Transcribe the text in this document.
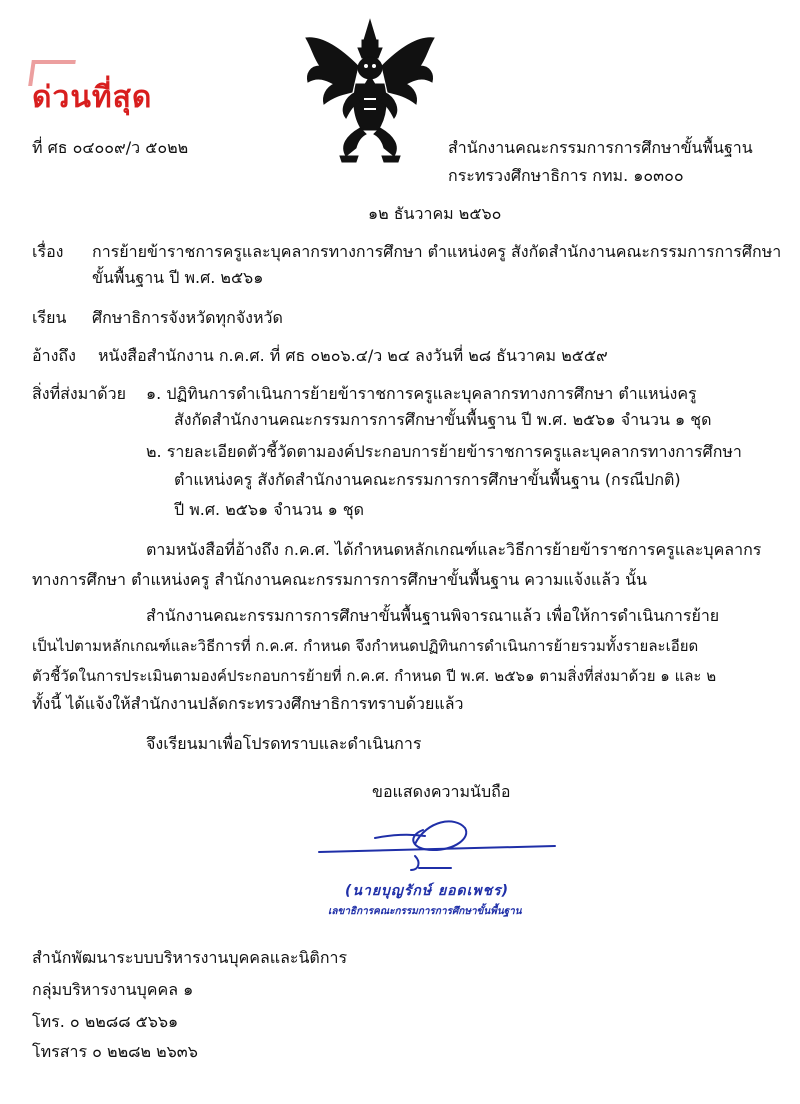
ด่วนที่สุด
ที่ ศธ ๐๔๐๐๙/ว ๕๐๒๒	สำนักงานคณะกรรมการการศึกษาขั้นพื้นฐาน
กระทรวงศึกษาธิการ กทม. ๑๐๓๐๐
๑๒ ธันวาคม ๒๕๖๐
เรื่อง การย้ายข้าราชการครูและบุคลากรทางการศึกษา ตำแหน่งครู สังกัดสำนักงานคณะกรรมการการศึกษา
ขั้นพื้นฐาน ปี พ.ศ. ๒๕๖๑
เรียน ศึกษาธิการจังหวัดทุกจังหวัด
อ้างถึง หนังสือสำนักงาน ก.ค.ศ. ที่ ศธ ๐๒๐๖.๔/ว ๒๔ ลงวันที่ ๒๘ ธันวาคม ๒๕๕๙
สิ่งที่ส่งมาด้วย ๑. ปฏิทินการดำเนินการย้ายข้าราชการครูและบุคลากรทางการศึกษา ตำแหน่งครู
สังกัดสำนักงานคณะกรรมการการศึกษาขั้นพื้นฐาน ปี พ.ศ. ๒๕๖๑ จำนวน ๑ ชุด
๒. รายละเอียดตัวชี้วัดตามองค์ประกอบการย้ายข้าราชการครูและบุคลากรทางการศึกษา
ตำแหน่งครู สังกัดสำนักงานคณะกรรมการการศึกษาขั้นพื้นฐาน (กรณีปกติ)
ปี พ.ศ. ๒๕๖๑ จำนวน ๑ ชุด
ตามหนังสือที่อ้างถึง ก.ค.ศ. ได้กำหนดหลักเกณฑ์และวิธีการย้ายข้าราชการครูและบุคลากร
ทางการศึกษา ตำแหน่งครู สำนักงานคณะกรรมการการศึกษาขั้นพื้นฐาน ความแจ้งแล้ว นั้น
สำนักงานคณะกรรมการการศึกษาขั้นพื้นฐานพิจารณาแล้ว เพื่อให้การดำเนินการย้าย
เป็นไปตามหลักเกณฑ์และวิธีการที่ ก.ค.ศ. กำหนด จึงกำหนดปฏิทินการดำเนินการย้ายรวมทั้งรายละเอียด
ตัวชี้วัดในการประเมินตามองค์ประกอบการย้ายที่ ก.ค.ศ. กำหนด ปี พ.ศ. ๒๕๖๑ ตามสิ่งที่ส่งมาด้วย ๑ และ ๒
ทั้งนี้ ได้แจ้งให้สำนักงานปลัดกระทรวงศึกษาธิการทราบด้วยแล้ว
จึงเรียนมาเพื่อโปรดทราบและดำเนินการ
ขอแสดงความนับถือ
(นายบุญรักษ์ ยอดเพชร)
เลขาธิการคณะกรรมการการศึกษาขั้นพื้นฐาน
สำนักพัฒนาระบบบริหารงานบุคคลและนิติการ
กลุ่มบริหารงานบุคคล ๑
โทร. ๐ ๒๒๘๘ ๕๖๖๑
โทรสาร ๐ ๒๒๘๒ ๒๖๓๖
